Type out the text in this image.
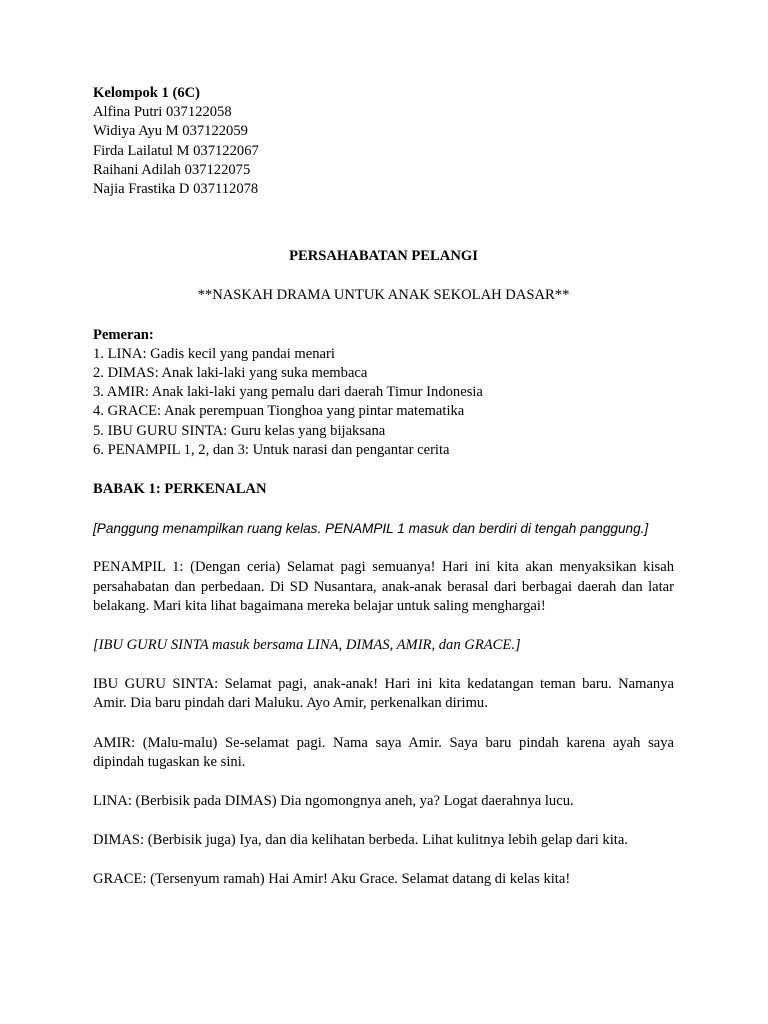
Kelompok 1 (6C)
Alfina Putri 037122058
Widiya Ayu M 037122059
Firda Lailatul M 037122067
Raihani Adilah 037122075
Najia Frastika D 037112078
PERSAHABATAN PELANGI
**NASKAH DRAMA UNTUK ANAK SEKOLAH DASAR**
Pemeran:
1. LINA: Gadis kecil yang pandai menari
2. DIMAS: Anak laki-laki yang suka membaca
3. AMIR: Anak laki-laki yang pemalu dari daerah Timur Indonesia
4. GRACE: Anak perempuan Tionghoa yang pintar matematika
5. IBU GURU SINTA: Guru kelas yang bijaksana
6. PENAMPIL 1, 2, dan 3: Untuk narasi dan pengantar cerita
BABAK 1: PERKENALAN
[Panggung menampilkan ruang kelas. PENAMPIL 1 masuk dan berdiri di tengah panggung.]
PENAMPIL 1: (Dengan ceria) Selamat pagi semuanya! Hari ini kita akan menyaksikan kisah persahabatan dan perbedaan. Di SD Nusantara, anak-anak berasal dari berbagai daerah dan latar belakang. Mari kita lihat bagaimana mereka belajar untuk saling menghargai!
[IBU GURU SINTA masuk bersama LINA, DIMAS, AMIR, dan GRACE.]
IBU GURU SINTA: Selamat pagi, anak-anak! Hari ini kita kedatangan teman baru. Namanya Amir. Dia baru pindah dari Maluku. Ayo Amir, perkenalkan dirimu.
AMIR: (Malu-malu) Se-selamat pagi. Nama saya Amir. Saya baru pindah karena ayah saya dipindah tugaskan ke sini.
LINA: (Berbisik pada DIMAS) Dia ngomongnya aneh, ya? Logat daerahnya lucu.
DIMAS: (Berbisik juga) Iya, dan dia kelihatan berbeda. Lihat kulitnya lebih gelap dari kita.
GRACE: (Tersenyum ramah) Hai Amir! Aku Grace. Selamat datang di kelas kita!
